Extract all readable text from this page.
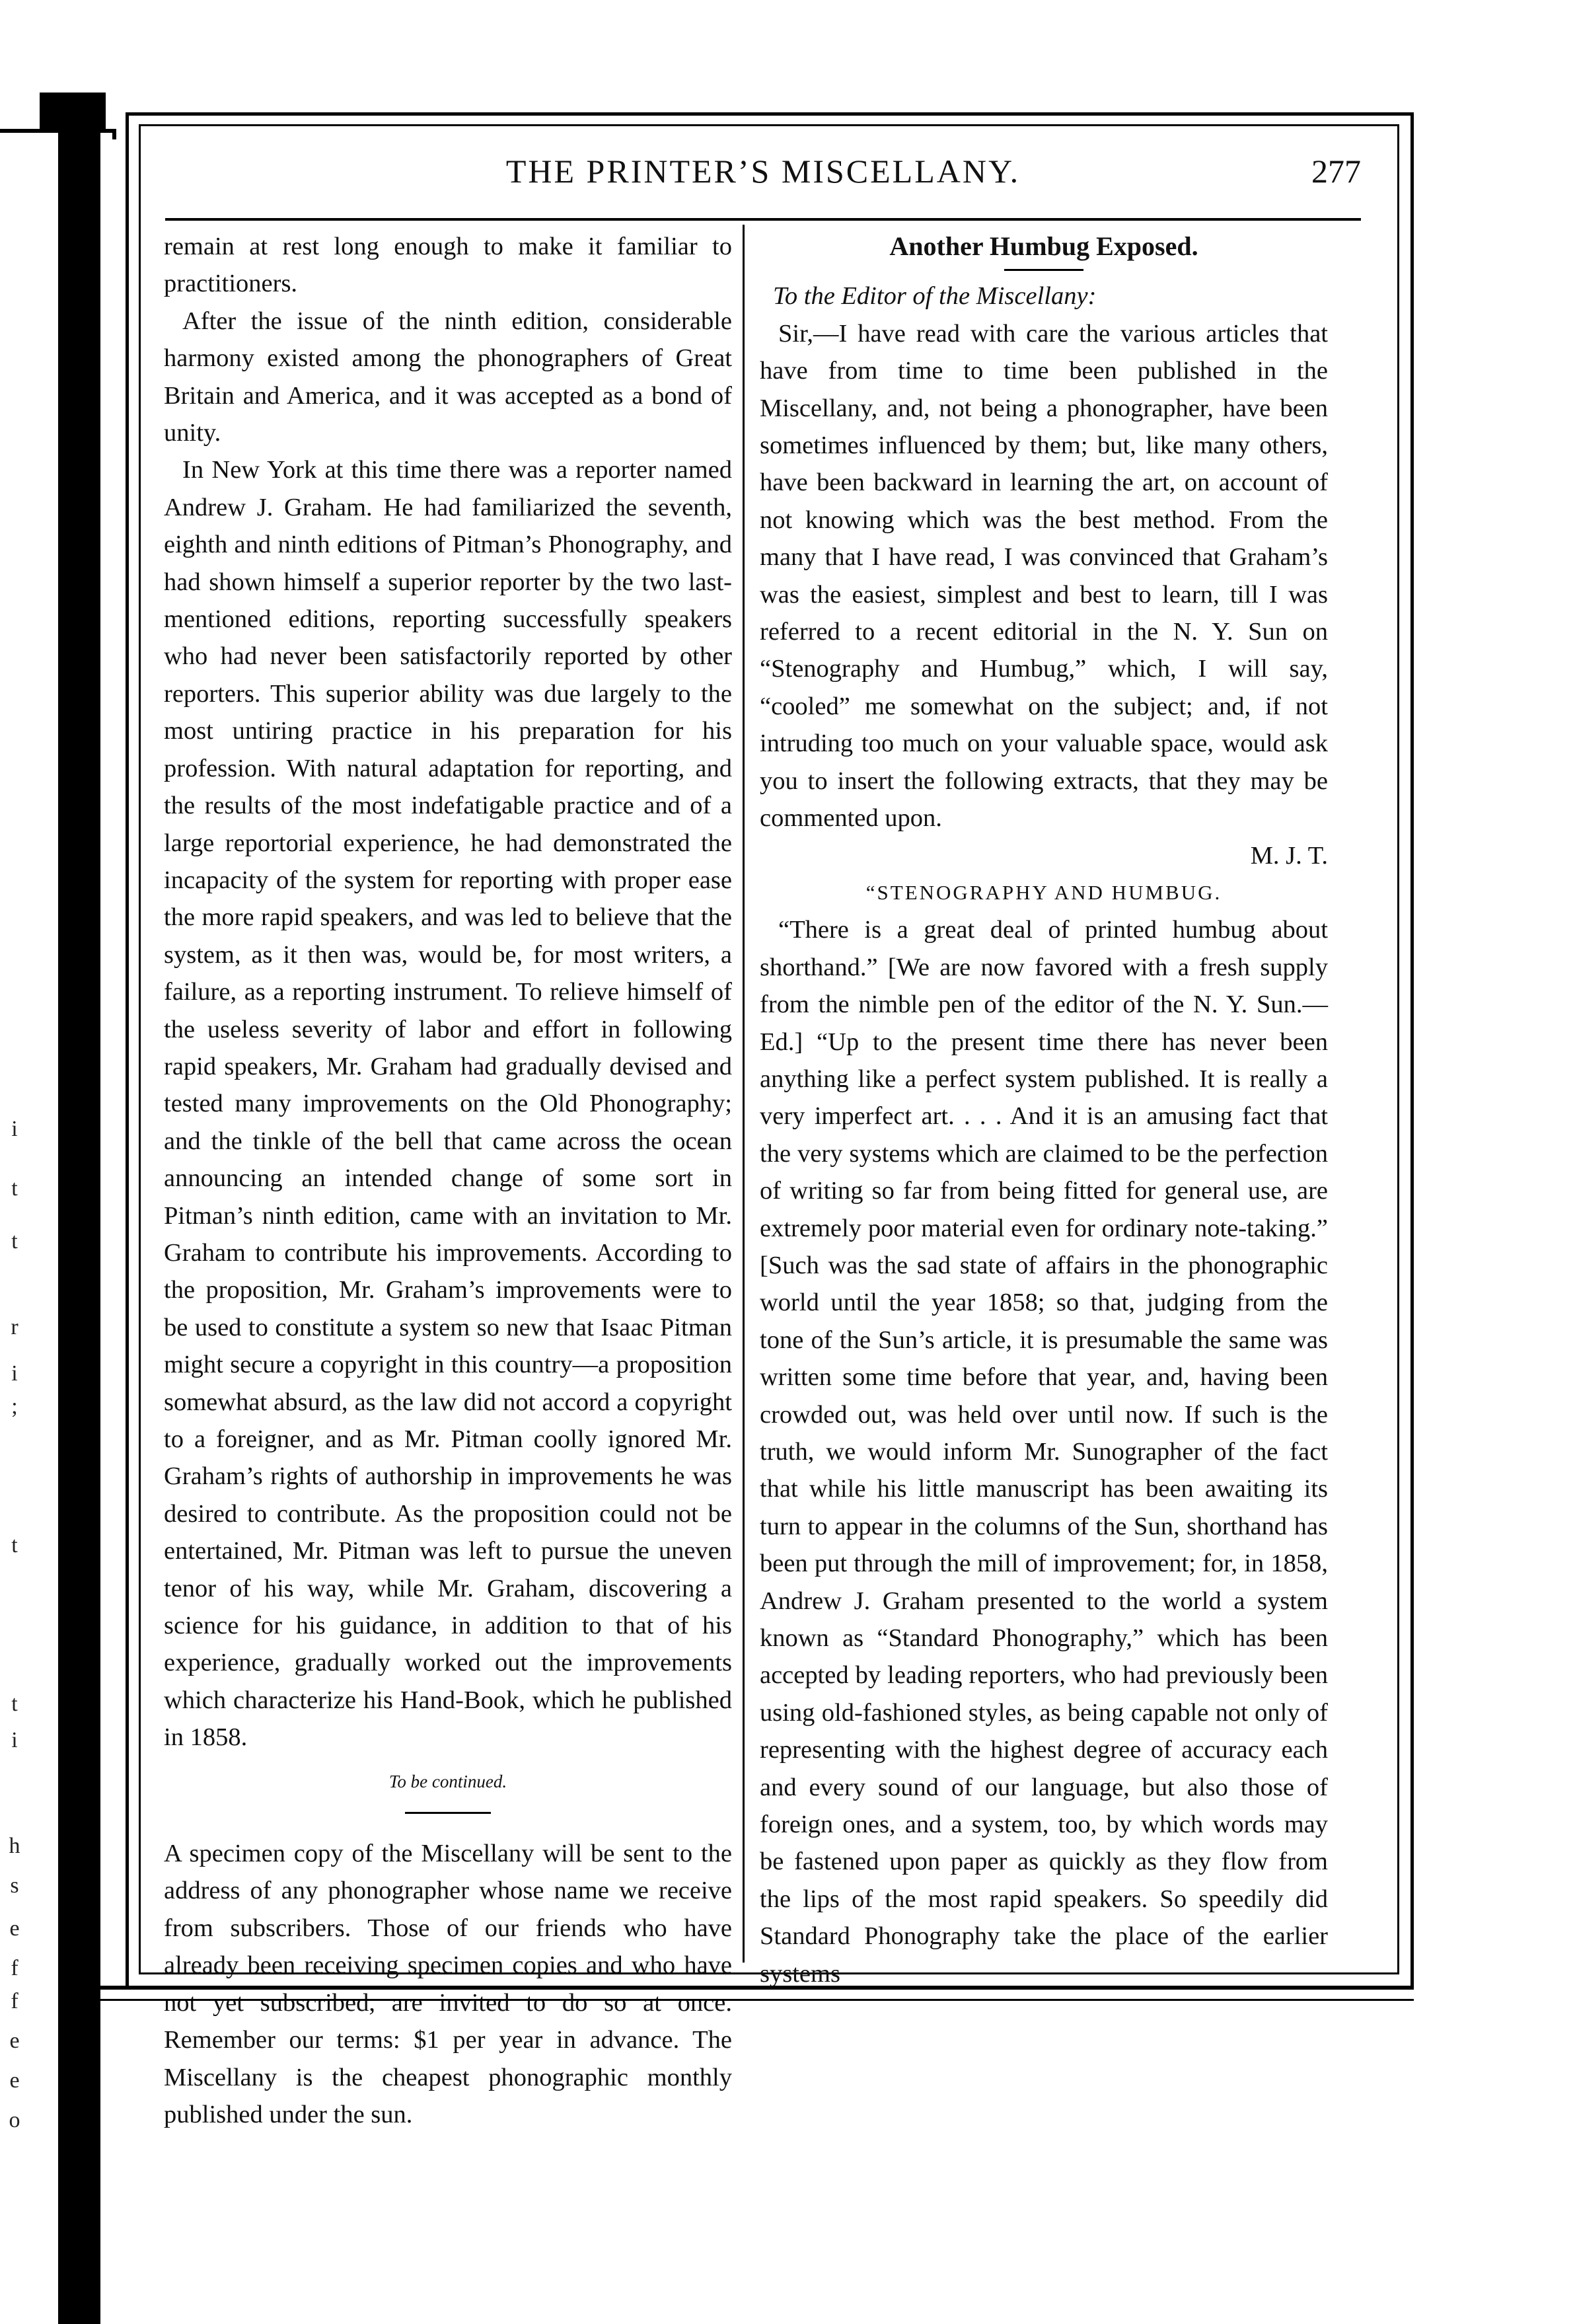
i
t
t
r
i
;
t
t
i
h
s
e
f
f
e
e
o
THE PRINTER’S MISCELLANY.	277

remain at rest long enough to make it familiar to practitioners.

After the issue of the ninth edition, considerable harmony existed among the phonographers of Great Britain and America, and it was accepted as a bond of unity.

In New York at this time there was a reporter named Andrew J. Graham. He had familiarized the seventh, eighth and ninth editions of Pitman’s Phonography, and had shown himself a superior reporter by the two last-mentioned editions, reporting successfully speakers who had never been satisfactorily reported by other reporters. This superior ability was due largely to the most untiring practice in his preparation for his profession. With natural adaptation for reporting, and the results of the most indefatigable practice and of a large reportorial experience, he had demonstrated the incapacity of the system for reporting with proper ease the more rapid speakers, and was led to believe that the system, as it then was, would be, for most writers, a failure, as a reporting instrument. To relieve himself of the useless severity of labor and effort in following rapid speakers, Mr. Graham had gradually devised and tested many improvements on the Old Phonography; and the tinkle of the bell that came across the ocean announcing an intended change of some sort in Pitman’s ninth edition, came with an invitation to Mr. Graham to contribute his improvements. According to the proposition, Mr. Graham’s improvements were to be used to constitute a system so new that Isaac Pitman might secure a copyright in this country—a proposition somewhat absurd, as the law did not accord a copyright to a foreigner, and as Mr. Pitman coolly ignored Mr. Graham’s rights of authorship in improvements he was desired to contribute. As the proposition could not be entertained, Mr. Pitman was left to pursue the uneven tenor of his way, while Mr. Graham, discovering a science for his guidance, in addition to that of his experience, gradually worked out the improvements which characterize his Hand-Book, which he published in 1858.

To be continued.

A specimen copy of the Miscellany will be sent to the address of any phonographer whose name we receive from subscribers. Those of our friends who have already been receiving specimen copies and who have not yet subscribed, are invited to do so at once. Remember our terms: $1 per year in advance. The Miscellany is the cheapest phonographic monthly published under the sun.

Another Humbug Exposed.

To the Editor of the Miscellany:

Sir,—I have read with care the various articles that have from time to time been published in the Miscellany, and, not being a phonographer, have been sometimes influenced by them; but, like many others, have been backward in learning the art, on account of not knowing which was the best method. From the many that I have read, I was convinced that Graham’s was the easiest, simplest and best to learn, till I was referred to a recent editorial in the N. Y. Sun on “Stenography and Humbug,” which, I will say, “cooled” me somewhat on the subject; and, if not intruding too much on your valuable space, would ask you to insert the following extracts, that they may be commented upon.

M. J. T.

“STENOGRAPHY AND HUMBUG.

“There is a great deal of printed humbug about shorthand.” [We are now favored with a fresh supply from the nimble pen of the editor of the N. Y. Sun.—Ed.] “Up to the present time there has never been anything like a perfect system published. It is really a very imperfect art. . . . And it is an amusing fact that the very systems which are claimed to be the perfection of writing so far from being fitted for general use, are extremely poor material even for ordinary note-taking.” [Such was the sad state of affairs in the phonographic world until the year 1858; so that, judging from the tone of the Sun’s article, it is presumable the same was written some time before that year, and, having been crowded out, was held over until now. If such is the truth, we would inform Mr. Sunographer of the fact that while his little manuscript has been awaiting its turn to appear in the columns of the Sun, shorthand has been put through the mill of improvement; for, in 1858, Andrew J. Graham presented to the world a system known as “Standard Phonography,” which has been accepted by leading reporters, who had previously been using old-fashioned styles, as being capable not only of representing with the highest degree of accuracy each and every sound of our language, but also those of foreign ones, and a system, too, by which words may be fastened upon paper as quickly as they flow from the lips of the most rapid speakers. So speedily did Standard Phonography take the place of the earlier systems
